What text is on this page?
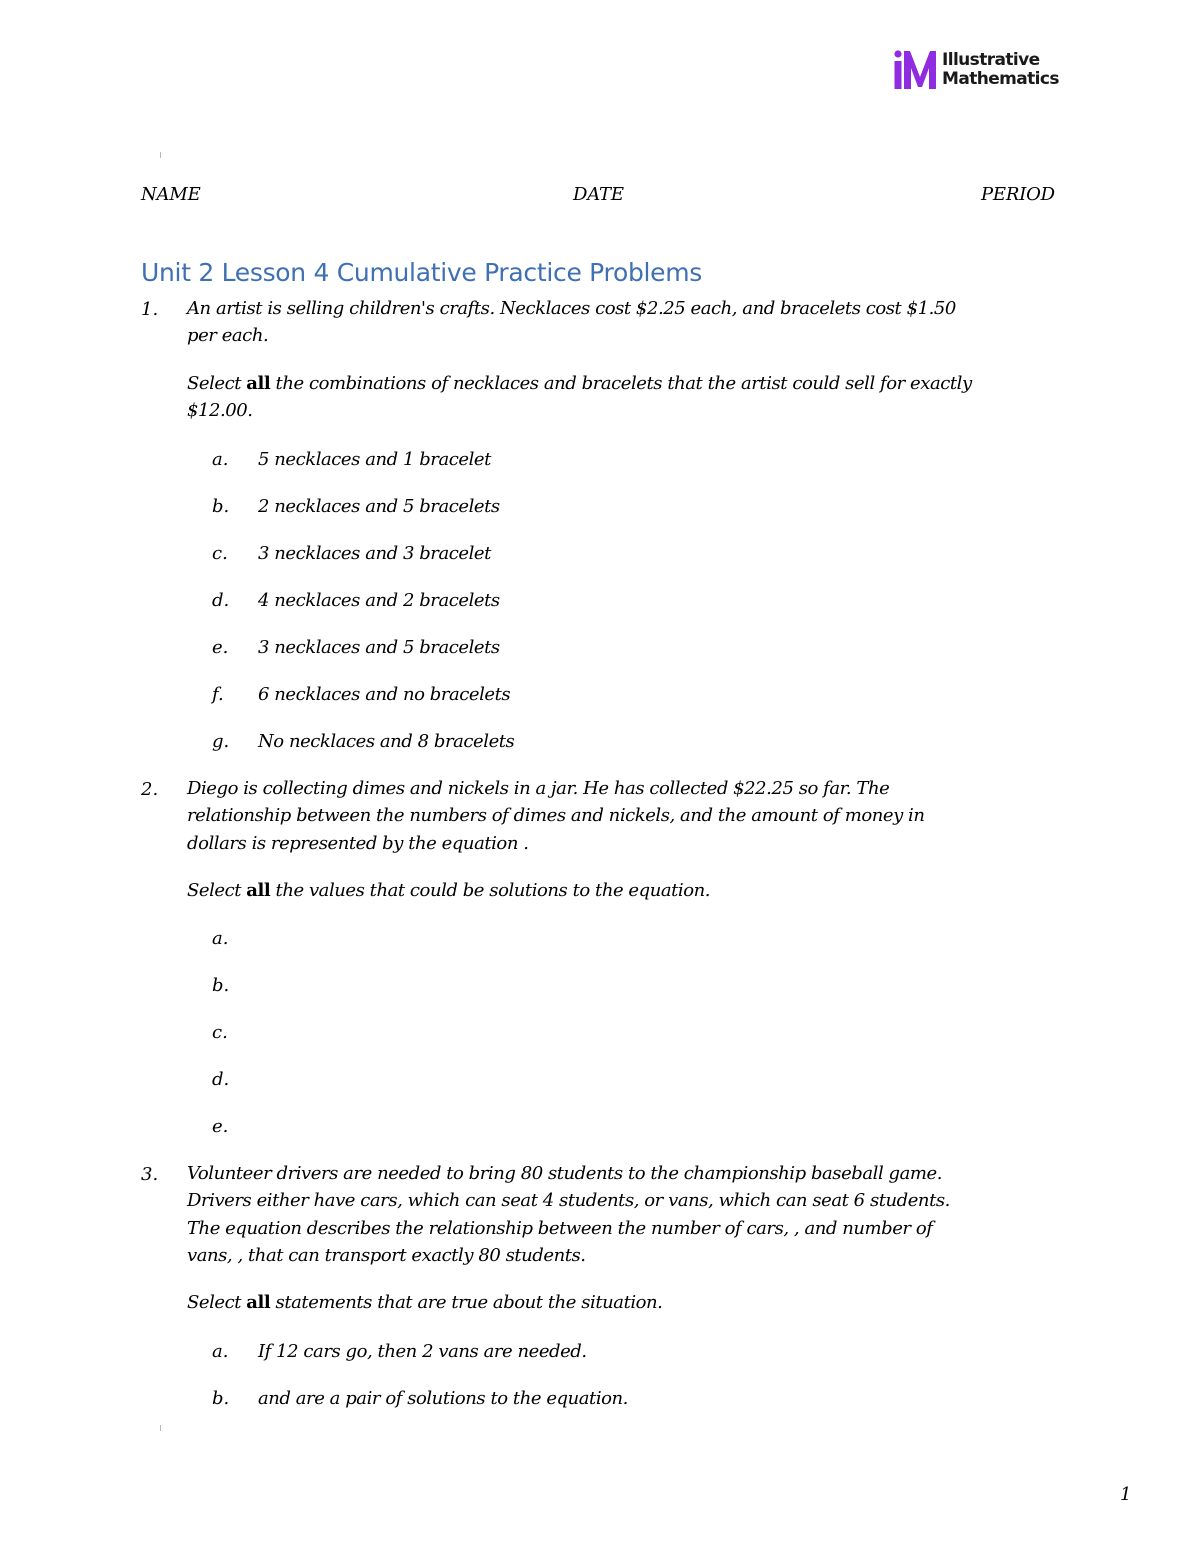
Illustrative
Mathematics
NAME	DATE	PERIOD
Unit 2 Lesson 4 Cumulative Practice Problems
1. An artist is selling children's crafts. Necklaces cost $2.25 each, and bracelets cost $1.50
per each.
Select all the combinations of necklaces and bracelets that the artist could sell for exactly
$12.00.
a. 5 necklaces and 1 bracelet
b. 2 necklaces and 5 bracelets
c. 3 necklaces and 3 bracelet
d. 4 necklaces and 2 bracelets
e. 3 necklaces and 5 bracelets
f. 6 necklaces and no bracelets
g. No necklaces and 8 bracelets
2. Diego is collecting dimes and nickels in a jar. He has collected $22.25 so far. The
relationship between the numbers of dimes and nickels, and the amount of money in
dollars is represented by the equation .
Select all the values that could be solutions to the equation.
a.
b.
c.
d.
e.
3. Volunteer drivers are needed to bring 80 students to the championship baseball game.
Drivers either have cars, which can seat 4 students, or vans, which can seat 6 students.
The equation describes the relationship between the number of cars, , and number of
vans, , that can transport exactly 80 students.
Select all statements that are true about the situation.
a. If 12 cars go, then 2 vans are needed.
b. and are a pair of solutions to the equation.
1
